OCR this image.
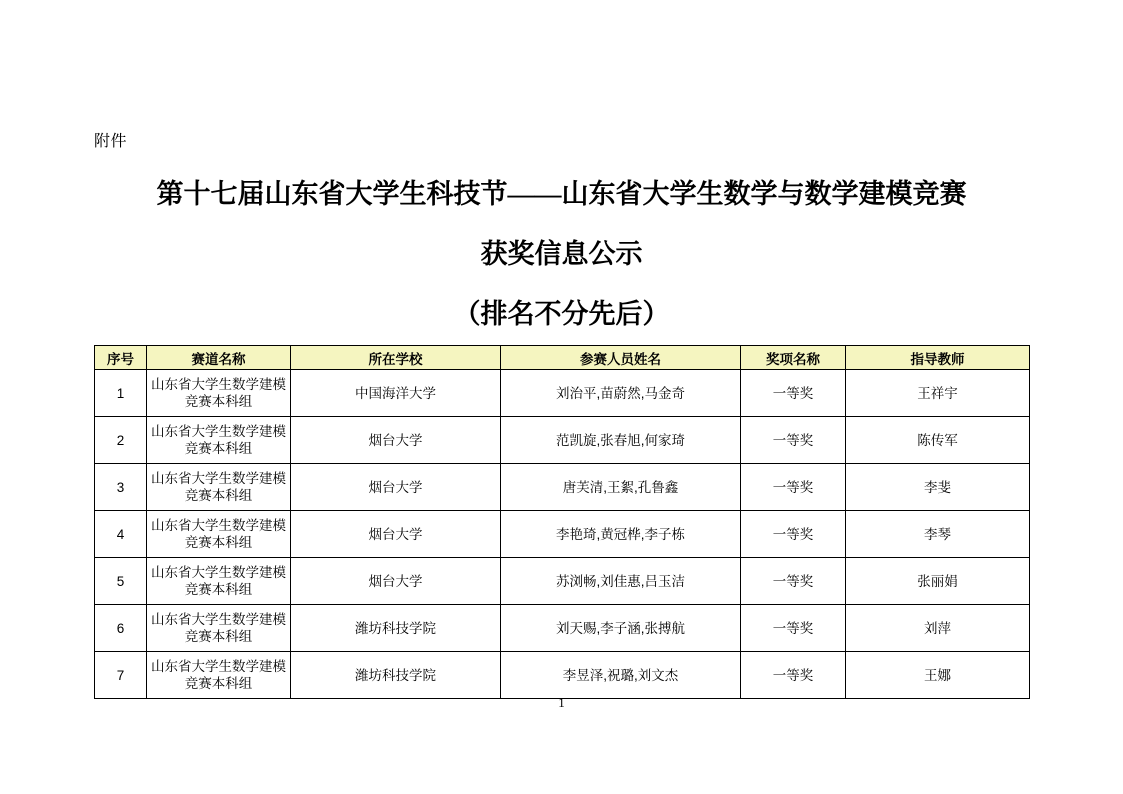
附件
第十七届山东省大学生科技节——山东省大学生数学与数学建模竞赛
获奖信息公示
（排名不分先后）
序号	赛道名称	所在学校	参赛人员姓名	奖项名称	指导教师
1	山东省大学生数学建模竞赛本科组	中国海洋大学	刘治平,苗蔚然,马金奇	一等奖	王祥宇
2	山东省大学生数学建模竞赛本科组	烟台大学	范凯旋,张春旭,何家琦	一等奖	陈传军
3	山东省大学生数学建模竞赛本科组	烟台大学	唐芙清,王絮,孔鲁鑫	一等奖	李斐
4	山东省大学生数学建模竞赛本科组	烟台大学	李艳琦,黄冠桦,李子栋	一等奖	李琴
5	山东省大学生数学建模竞赛本科组	烟台大学	苏浏畅,刘佳惠,吕玉洁	一等奖	张丽娟
6	山东省大学生数学建模竞赛本科组	潍坊科技学院	刘天赐,李子涵,张搏航	一等奖	刘萍
7	山东省大学生数学建模竞赛本科组	潍坊科技学院	李昱泽,祝璐,刘文杰	一等奖	王娜
1
